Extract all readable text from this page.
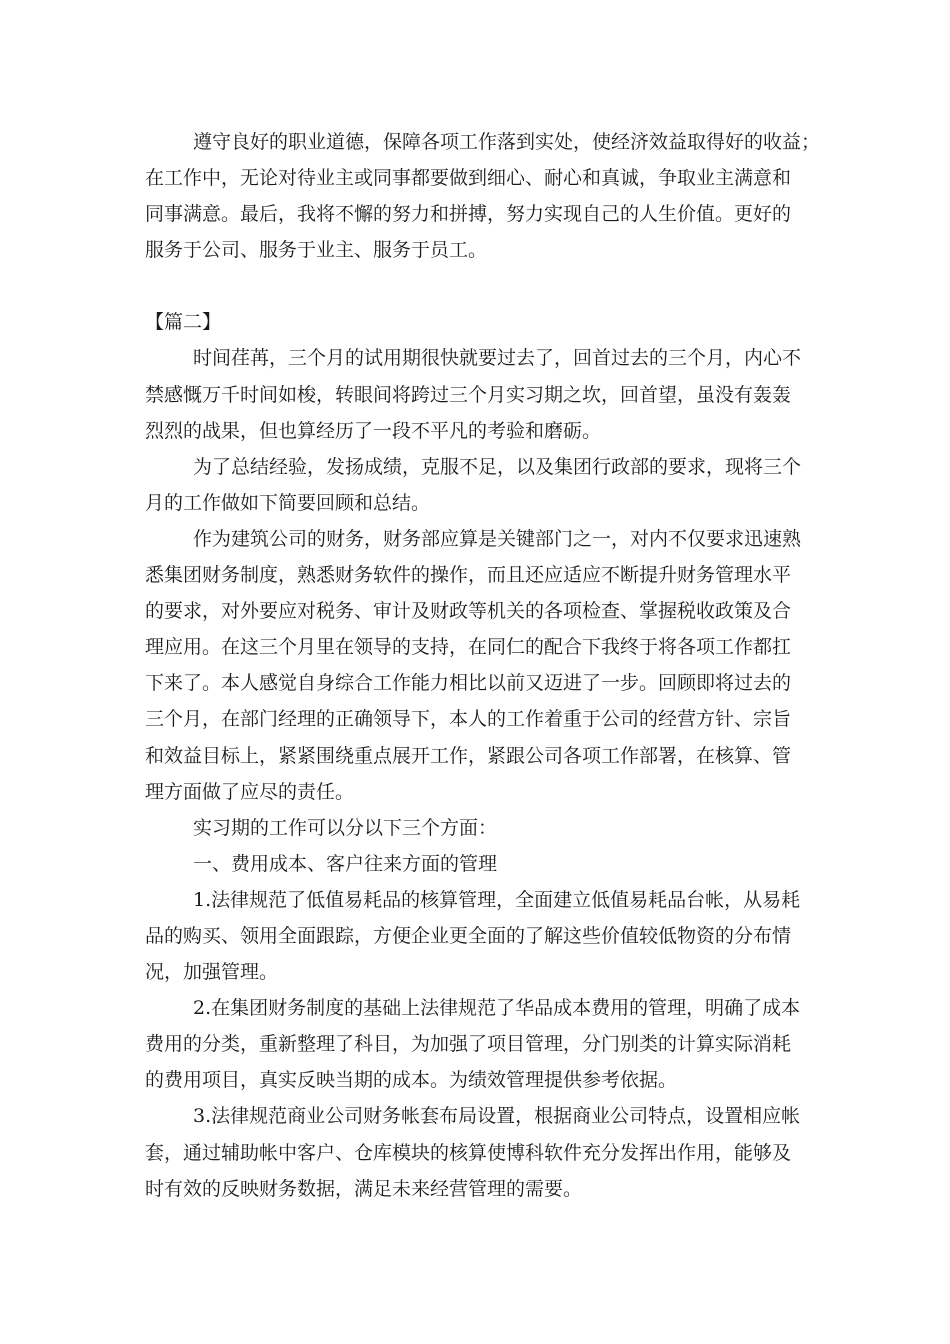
遵守良好的职业道德，保障各项工作落到实处，使经济效益取得好的收益；
在工作中，无论对待业主或同事都要做到细心、耐心和真诚，争取业主满意和
同事满意。最后，我将不懈的努力和拼搏，努力实现自己的人生价值。更好的
服务于公司、服务于业主、服务于员工。
【篇二】
时间荏苒，三个月的试用期很快就要过去了，回首过去的三个月，内心不
禁感慨万千时间如梭，转眼间将跨过三个月实习期之坎，回首望，虽没有轰轰
烈烈的战果，但也算经历了一段不平凡的考验和磨砺。
为了总结经验，发扬成绩，克服不足，以及集团行政部的要求，现将三个
月的工作做如下简要回顾和总结。
作为建筑公司的财务，财务部应算是关键部门之一，对内不仅要求迅速熟
悉集团财务制度，熟悉财务软件的操作，而且还应适应不断提升财务管理水平
的要求，对外要应对税务、审计及财政等机关的各项检查、掌握税收政策及合
理应用。在这三个月里在领导的支持，在同仁的配合下我终于将各项工作都扛
下来了。本人感觉自身综合工作能力相比以前又迈进了一步。回顾即将过去的
三个月，在部门经理的正确领导下，本人的工作着重于公司的经营方针、宗旨
和效益目标上，紧紧围绕重点展开工作，紧跟公司各项工作部署，在核算、管
理方面做了应尽的责任。
实习期的工作可以分以下三个方面：
一、费用成本、客户往来方面的管理
1.法律规范了低值易耗品的核算管理，全面建立低值易耗品台帐，从易耗
品的购买、领用全面跟踪，方便企业更全面的了解这些价值较低物资的分布情
况，加强管理。
2.在集团财务制度的基础上法律规范了华品成本费用的管理，明确了成本
费用的分类，重新整理了科目，为加强了项目管理，分门别类的计算实际消耗
的费用项目，真实反映当期的成本。为绩效管理提供参考依据。
3.法律规范商业公司财务帐套布局设置，根据商业公司特点，设置相应帐
套，通过辅助帐中客户、仓库模块的核算使博科软件充分发挥出作用，能够及
时有效的反映财务数据，满足未来经营管理的需要。
